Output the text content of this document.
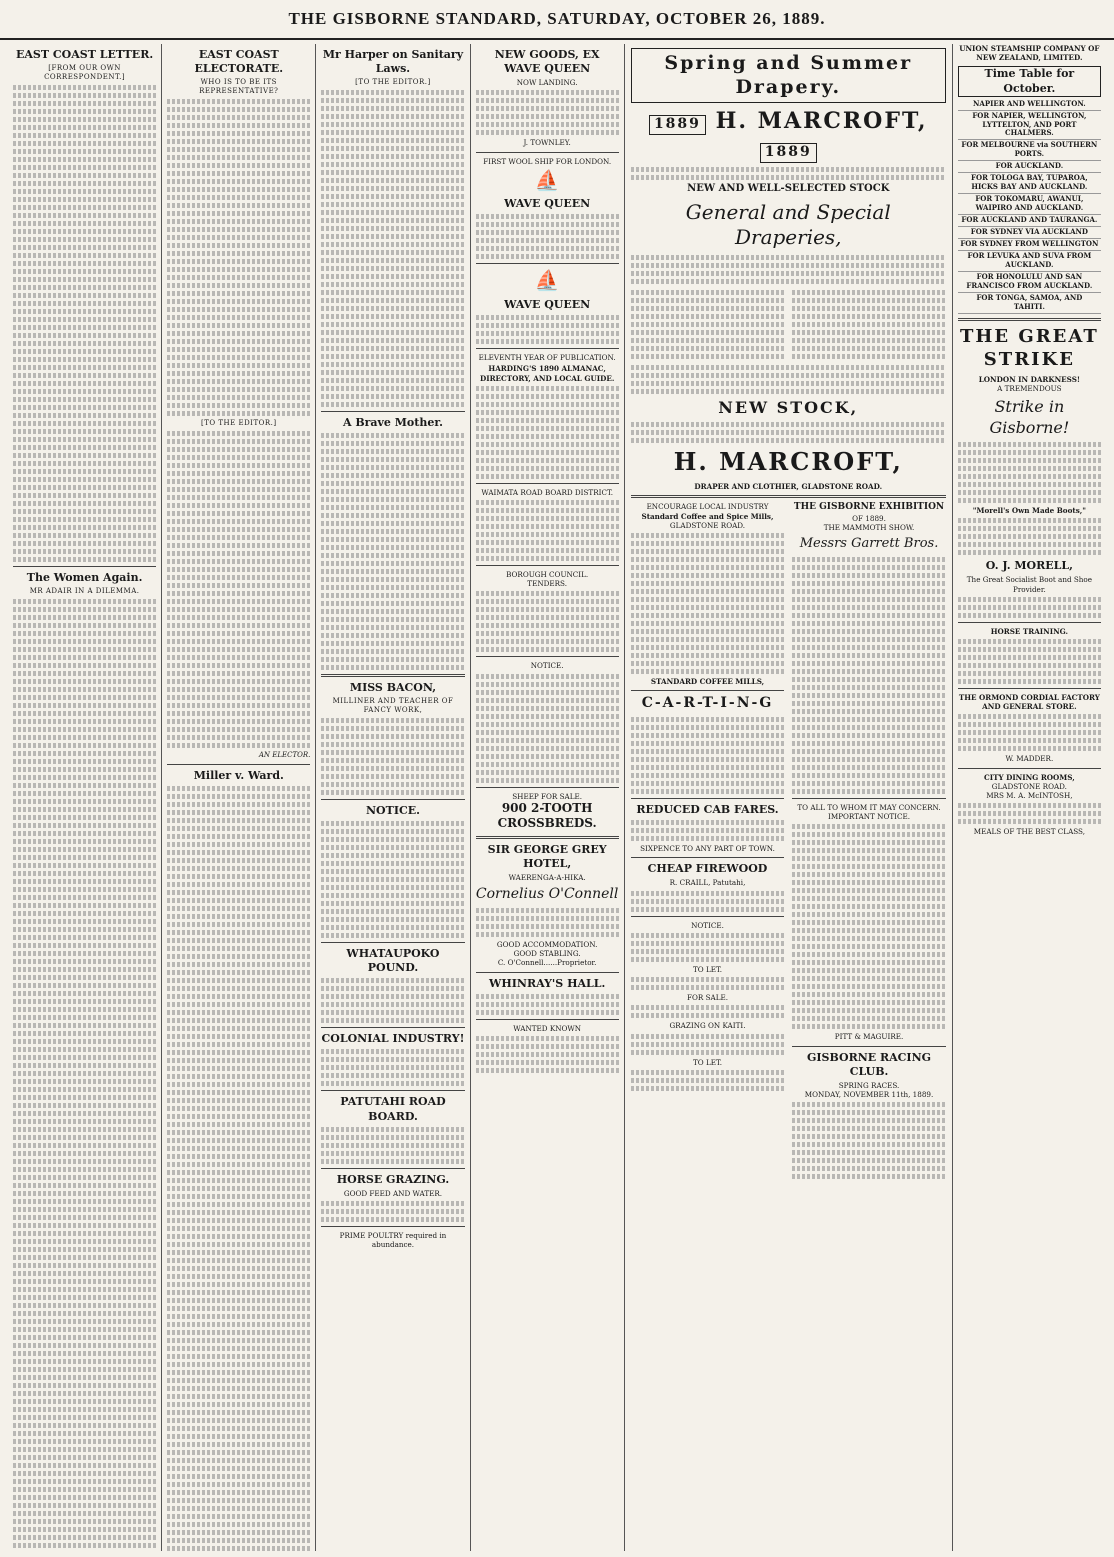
THE GISBORNE STANDARD, SATURDAY, OCTOBER 26, 1889.
EAST COAST LETTER.
[FROM OUR OWN CORRESPONDENT.]
The Women Again.
MR ADAIR IN A DILEMMA.
EAST COAST ELECTORATE.
WHO IS TO BE ITS REPRESENTATIVE?
[TO THE EDITOR.]
AN ELECTOR.
Miller v. Ward.
Mr Harper on Sanitary Laws.
[TO THE EDITOR.]
A Brave Mother.
MISS BACON,
MILLINER AND TEACHER OF FANCY WORK,
NOTICE.
WHATAUPOKO POUND.
COLONIAL INDUSTRY!
PATUTAHI ROAD BOARD.
HORSE GRAZING.
GOOD FEED AND WATER.
PRIME POULTRY required in abundance.
NEW GOODS, EX WAVE QUEEN
NOW LANDING.
J. TOWNLEY.
FIRST WOOL SHIP FOR LONDON.
⛵
WAVE QUEEN
⛵
WAVE QUEEN
ELEVENTH YEAR OF PUBLICATION.
HARDING'S 1890 ALMANAC, DIRECTORY, AND LOCAL GUIDE.
WAIMATA ROAD BOARD DISTRICT.
BOROUGH COUNCIL.
TENDERS.
NOTICE.
SHEEP FOR SALE.
900 2-TOOTH CROSSBREDS.
SIR GEORGE GREY HOTEL,
WAERENGA-A-HIKA.
Cornelius O'Connell
GOOD ACCOMMODATION.
GOOD STABLING.
C. O'Connell......Proprietor.
WHINRAY'S HALL.
WANTED KNOWN
Spring and Summer Drapery.
1889 H. MARCROFT, 1889
NEW AND WELL-SELECTED STOCK
General and Special Draperies,
NEW STOCK,
H. MARCROFT,
DRAPER AND CLOTHIER, GLADSTONE ROAD.
ENCOURAGE LOCAL INDUSTRY
Standard Coffee and Spice Mills,
GLADSTONE ROAD.
STANDARD COFFEE MILLS,
C-A-R-T-I-N-G
REDUCED CAB FARES.
SIXPENCE TO ANY PART OF TOWN.
CHEAP FIREWOOD
R. CRAILL, Patutahi,
NOTICE.
TO LET.
FOR SALE.
GRAZING ON KAITI.
TO LET.
THE GISBORNE EXHIBITION
OF 1889.
THE MAMMOTH SHOW.
Messrs Garrett Bros.
TO ALL TO WHOM IT MAY CONCERN.
IMPORTANT NOTICE.
PITT & MAGUIRE.
GISBORNE RACING CLUB.
SPRING RACES.
MONDAY, NOVEMBER 11th, 1889.
UNION STEAMSHIP COMPANY OF NEW ZEALAND, LIMITED.
Time Table for October.
NAPIER AND WELLINGTON.
FOR NAPIER, WELLINGTON, LYTTELTON, AND PORT CHALMERS.
FOR MELBOURNE via SOUTHERN PORTS.
FOR AUCKLAND.
FOR TOLOGA BAY, TUPAROA, HICKS BAY AND AUCKLAND.
FOR TOKOMARU, AWANUI, WAIPIRO AND AUCKLAND.
FOR AUCKLAND AND TAURANGA.
FOR SYDNEY VIA AUCKLAND
FOR SYDNEY FROM WELLINGTON
FOR LEVUKA AND SUVA FROM AUCKLAND.
FOR HONOLULU AND SAN FRANCISCO FROM AUCKLAND.
FOR TONGA, SAMOA, AND TAHITI.
THE GREAT STRIKE
LONDON IN DARKNESS!
A TREMENDOUS
Strike in Gisborne!
"Morell's Own Made Boots,"
O. J. MORELL,
The Great Socialist Boot and Shoe Provider.
HORSE TRAINING.
THE ORMOND CORDIAL FACTORY AND GENERAL STORE.
W. MADDER.
CITY DINING ROOMS,
GLADSTONE ROAD.
MRS M. A. McINTOSH,
MEALS OF THE BEST CLASS,
